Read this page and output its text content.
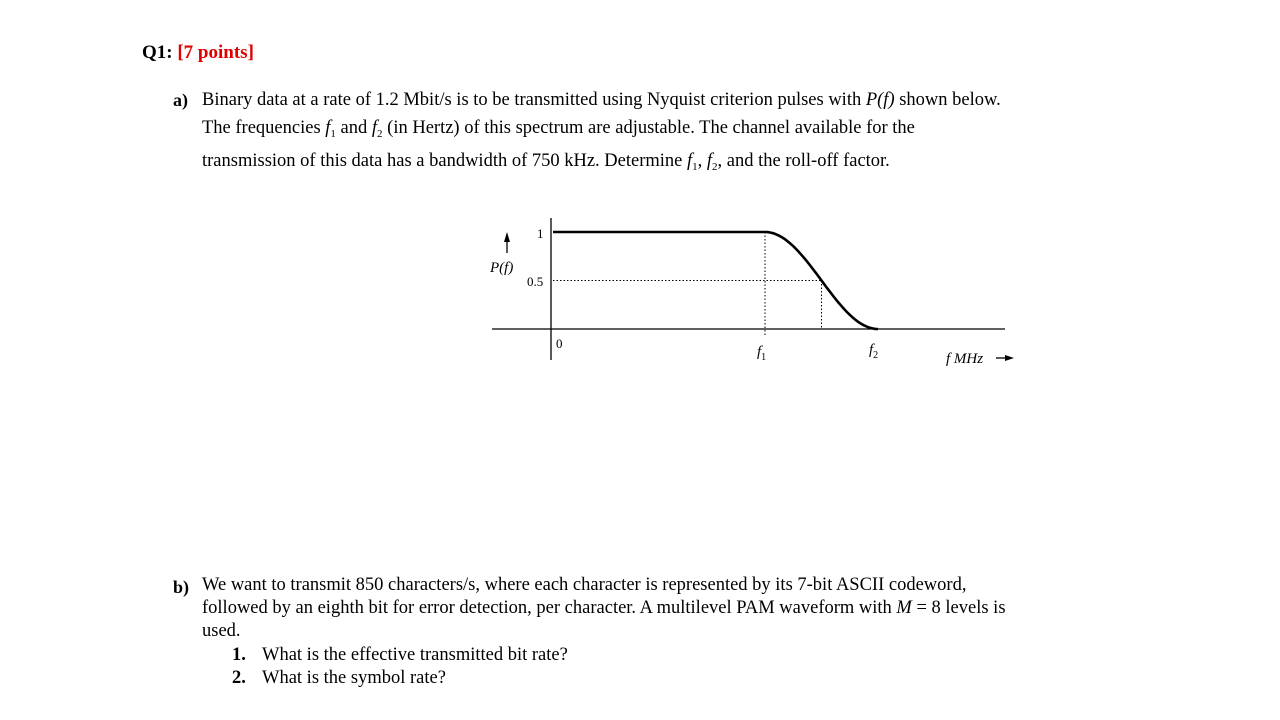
Q1: [7 points]
a) Binary data at a rate of 1.2 Mbit/s is to be transmitted using Nyquist criterion pulses with P(f) shown below. The frequencies $f_1$ and $f_2$ (in Hertz) of this spectrum are adjustable. The channel available for the transmission of this data has a bandwidth of 750 kHz. Determine $f_1$, $f_2$, and the roll-off factor.
P(f)
1
0.5
0
$f_1$	$f_2$	f MHz
b) We want to transmit 850 characters/s, where each character is represented by its 7-bit ASCII codeword, followed by an eighth bit for error detection, per character. A multilevel PAM waveform with M = 8 levels is used.
1. What is the effective transmitted bit rate?
2. What is the symbol rate?
